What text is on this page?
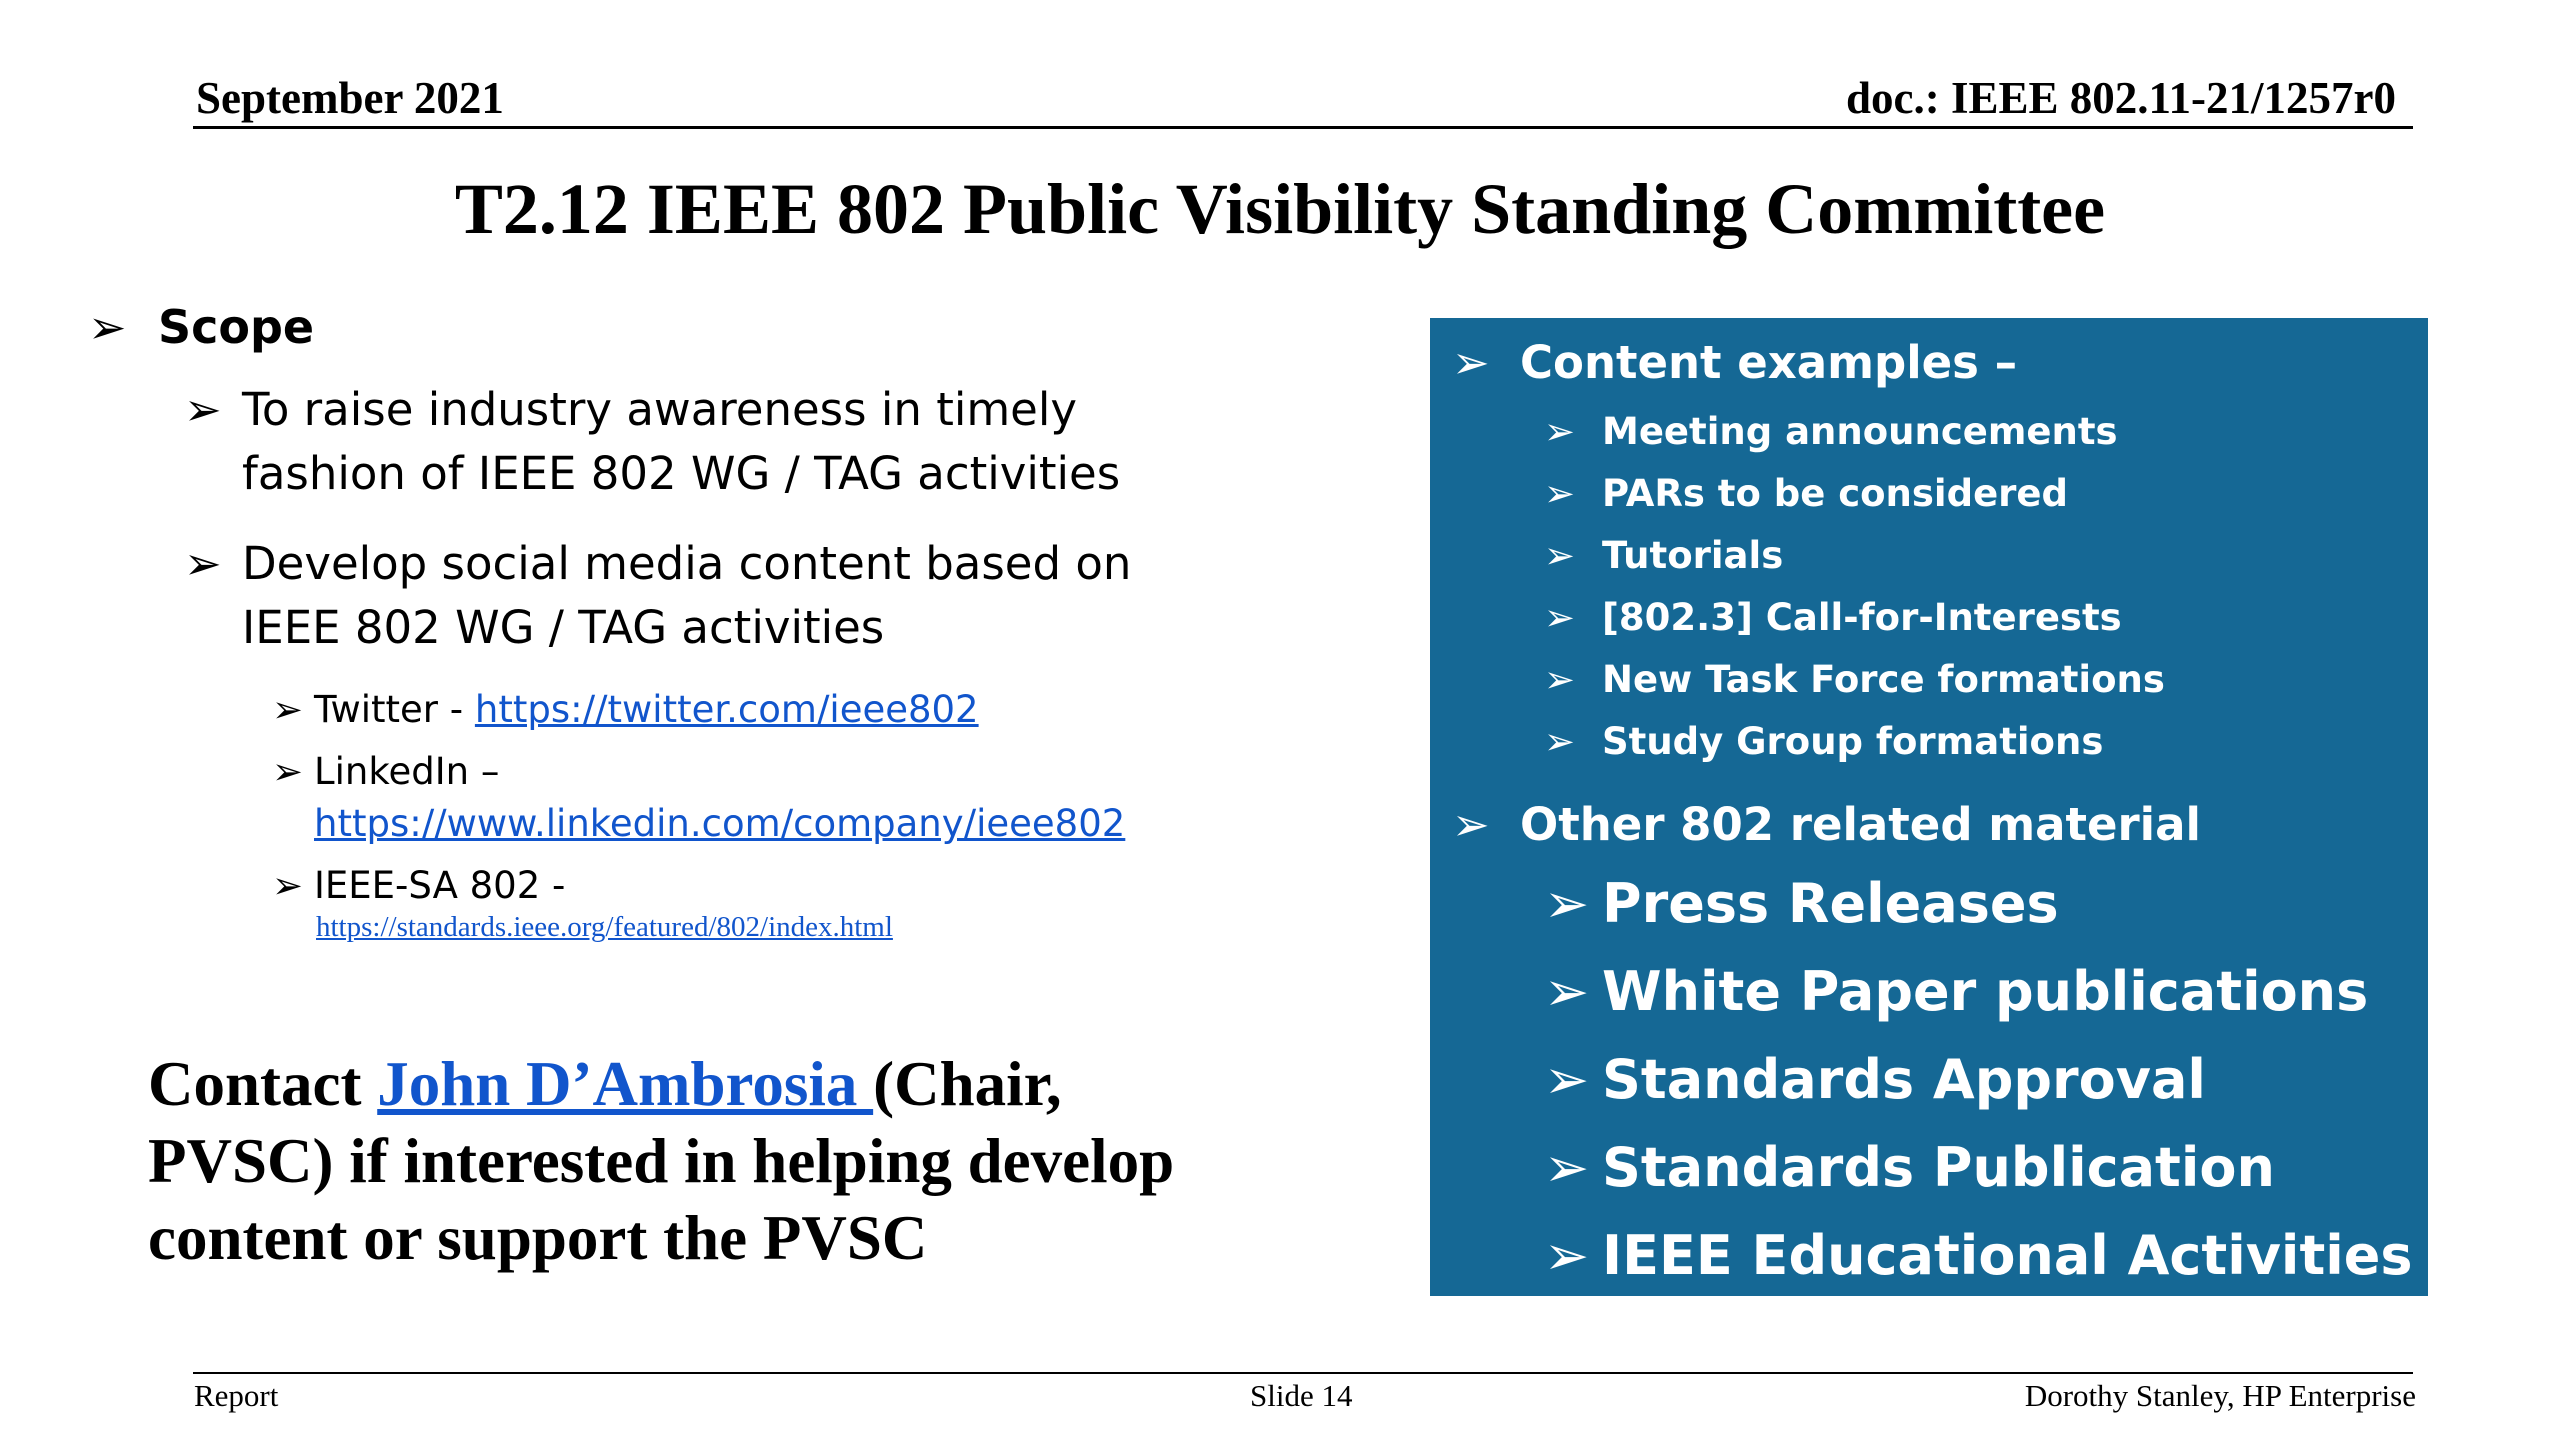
September 2021	doc.: IEEE 802.11-21/1257r0
T2.12 IEEE 802 Public Visibility Standing Committee
➢ Scope
➢ To raise industry awareness in timely
fashion of IEEE 802 WG / TAG activities
➢ Develop social media content based on
IEEE 802 WG / TAG activities
➢ Twitter - https://twitter.com/ieee802
➢ LinkedIn –
https://www.linkedin.com/company/ieee802
➢ IEEE-SA 802 -
https://standards.ieee.org/featured/802/index.html
Contact John D’Ambrosia (Chair,
PVSC) if interested in helping develop
content or support the PVSC
➢ Content examples –
➢ Meeting announcements
➢ PARs to be considered
➢ Tutorials
➢ [802.3] Call-for-Interests
➢ New Task Force formations
➢ Study Group formations
➢ Other 802 related material
➢ Press Releases
➢ White Paper publications
➢ Standards Approval
➢ Standards Publication
➢ IEEE Educational Activities
Report	Slide 14	Dorothy Stanley, HP Enterprise
